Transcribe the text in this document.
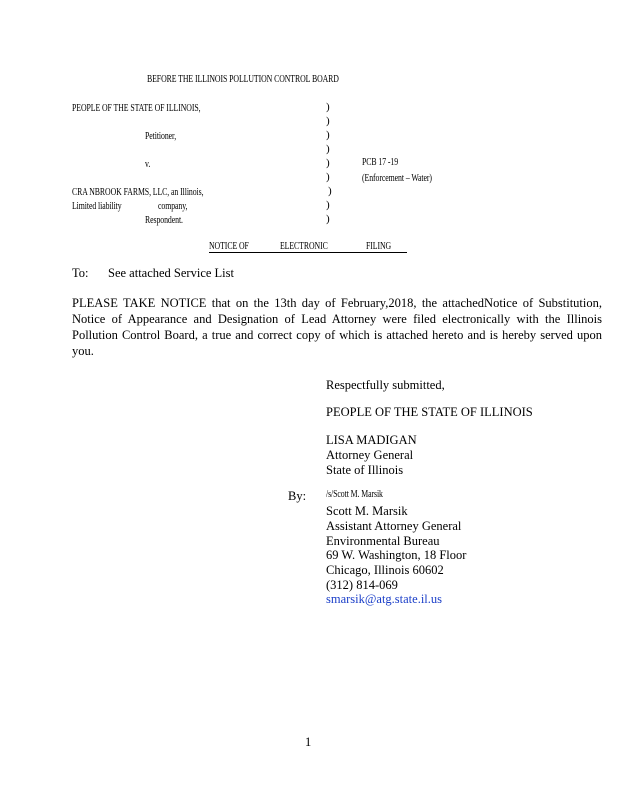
BEFORE THE ILLINOIS POLLUTION CONTROL BOARD
PEOPLE OF THE STATE OF ILLINOIS,
Petitioner,
v.	PCB 17 -19
(Enforcement – Water)
CRA NBROOK FARMS, LLC, an Illinois,
Limited liability	company,
Respondent.
)
)
)
)
)
)
)
)
)
NOTICE OF	ELECTRONIC	FILING
To: See attached Service List
PLEASE TAKE NOTICE that on the 13th day of February,2018, the attachedNotice of Substitution, Notice of Appearance and Designation of Lead Attorney were filed electronically with the Illinois Pollution Control Board, a true and correct copy of which is attached hereto and is hereby served upon you.
Respectfully submitted,
PEOPLE OF THE STATE OF ILLINOIS
LISA MADIGAN
Attorney General
State of Illinois
By: /s/Scott M. Marsik
Scott M. Marsik
Assistant Attorney General
Environmental Bureau
69 W. Washington, 18 Floor
Chicago, Illinois 60602
(312) 814-069
smarsik@atg.state.il.us
1
